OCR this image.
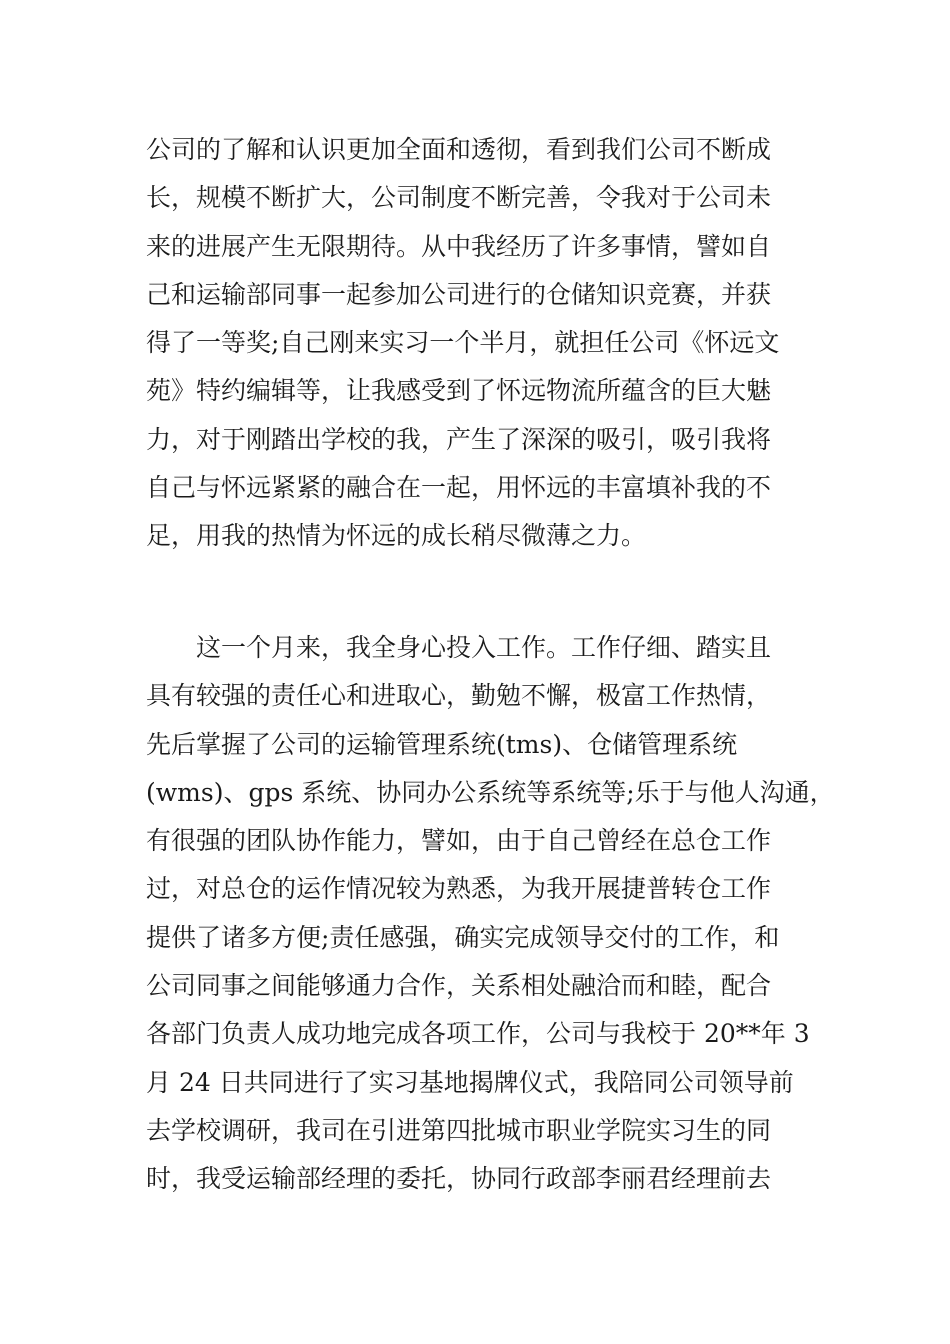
公司的了解和认识更加全面和透彻，看到我们公司不断成
长，规模不断扩大，公司制度不断完善，令我对于公司未
来的进展产生无限期待。从中我经历了许多事情，譬如自
己和运输部同事一起参加公司进行的仓储知识竞赛，并获
得了一等奖;自己刚来实习一个半月，就担任公司《怀远文
苑》特约编辑等，让我感受到了怀远物流所蕴含的巨大魅
力，对于刚踏出学校的我，产生了深深的吸引，吸引我将
自己与怀远紧紧的融合在一起，用怀远的丰富填补我的不
足，用我的热情为怀远的成长稍尽微薄之力。
　　这一个月来，我全身心投入工作。工作仔细、踏实且
具有较强的责任心和进取心，勤勉不懈，极富工作热情，
先后掌握了公司的运输管理系统(tms)、仓储管理系统
(wms)、gps 系统、协同办公系统等系统等;乐于与他人沟通，
有很强的团队协作能力，譬如，由于自己曾经在总仓工作
过，对总仓的运作情况较为熟悉，为我开展捷普转仓工作
提供了诸多方便;责任感强，确实完成领导交付的工作，和
公司同事之间能够通力合作，关系相处融洽而和睦，配合
各部门负责人成功地完成各项工作，公司与我校于 20**年 3
月 24 日共同进行了实习基地揭牌仪式，我陪同公司领导前
去学校调研，我司在引进第四批城市职业学院实习生的同
时，我受运输部经理的委托，协同行政部李丽君经理前去
